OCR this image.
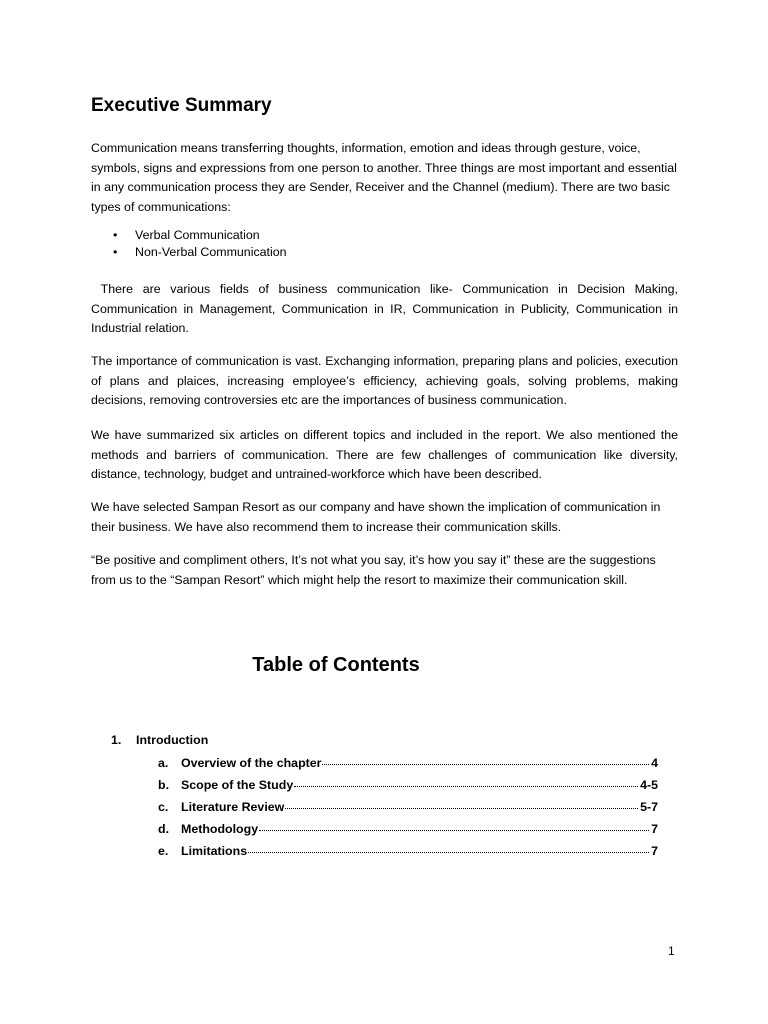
Executive Summary

Communication means transferring thoughts, information, emotion and ideas through gesture, voice, symbols, signs and expressions from one person to another. Three things are most important and essential in any communication process they are Sender, Receiver and the Channel (medium). There are two basic types of communications:

• Verbal Communication
• Non-Verbal Communication

There are various fields of business communication like- Communication in Decision Making, Communication in Management, Communication in IR, Communication in Publicity, Communication in Industrial relation.

The importance of communication is vast. Exchanging information, preparing plans and policies, execution of plans and plaices, increasing employee’s efficiency, achieving goals, solving problems, making decisions, removing controversies etc are the importances of business communication.

We have summarized six articles on different topics and included in the report. We also mentioned the methods and barriers of communication. There are few challenges of communication like diversity, distance, technology, budget and untrained-workforce which have been described.

We have selected Sampan Resort as our company and have shown the implication of communication in their business. We have also recommend them to increase their communication skills.

“Be positive and compliment others, It’s not what you say, it’s how you say it” these are the suggestions from us to the “Sampan Resort” which might help the resort to maximize their communication skill.

Table of Contents
1. Introduction
a.	Overview of the chapter	4
b. Scope of the Study	4-5
c.	Literature Review	5-7
d. Methodology	7
e.	Limitations	7
1
